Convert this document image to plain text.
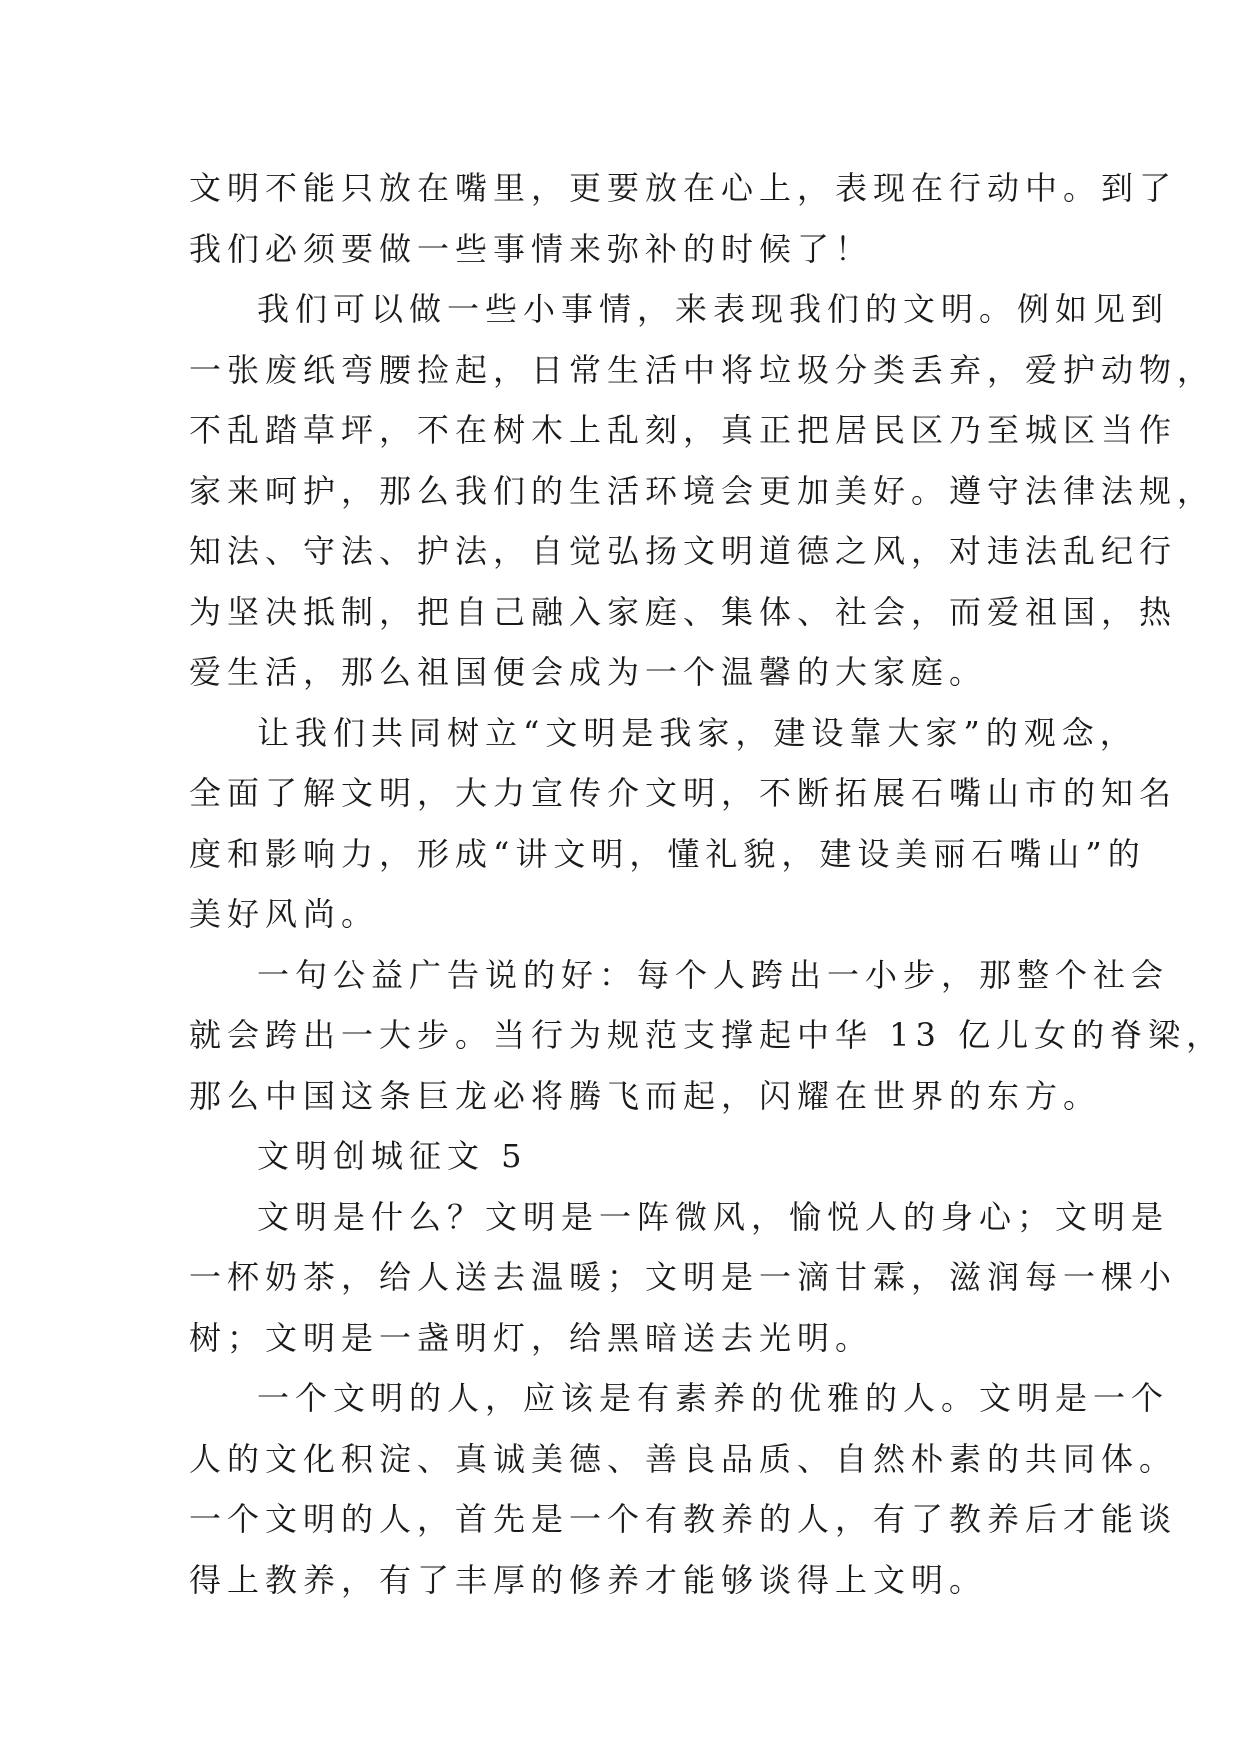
文明不能只放在嘴里，更要放在心上，表现在行动中。到了
我们必须要做一些事情来弥补的时候了！
我们可以做一些小事情，来表现我们的文明。例如见到
一张废纸弯腰捡起，日常生活中将垃圾分类丢弃，爱护动物，
不乱踏草坪，不在树木上乱刻，真正把居民区乃至城区当作
家来呵护，那么我们的生活环境会更加美好。遵守法律法规，
知法、守法、护法，自觉弘扬文明道德之风，对违法乱纪行
为坚决抵制，把自己融入家庭、集体、社会，而爱祖国，热
爱生活，那么祖国便会成为一个温馨的大家庭。
让我们共同树立“文明是我家，建设靠大家”的观念，
全面了解文明，大力宣传介文明，不断拓展石嘴山市的知名
度和影响力，形成“讲文明，懂礼貌，建设美丽石嘴山”的
美好风尚。
一句公益广告说的好：每个人跨出一小步，那整个社会
就会跨出一大步。当行为规范支撑起中华 13 亿儿女的脊梁，
那么中国这条巨龙必将腾飞而起，闪耀在世界的东方。
文明创城征文 5
文明是什么？文明是一阵微风，愉悦人的身心；文明是
一杯奶茶，给人送去温暖；文明是一滴甘霖，滋润每一棵小
树；文明是一盏明灯，给黑暗送去光明。
一个文明的人，应该是有素养的优雅的人。文明是一个
人的文化积淀、真诚美德、善良品质、自然朴素的共同体。
一个文明的人，首先是一个有教养的人，有了教养后才能谈
得上教养，有了丰厚的修养才能够谈得上文明。
